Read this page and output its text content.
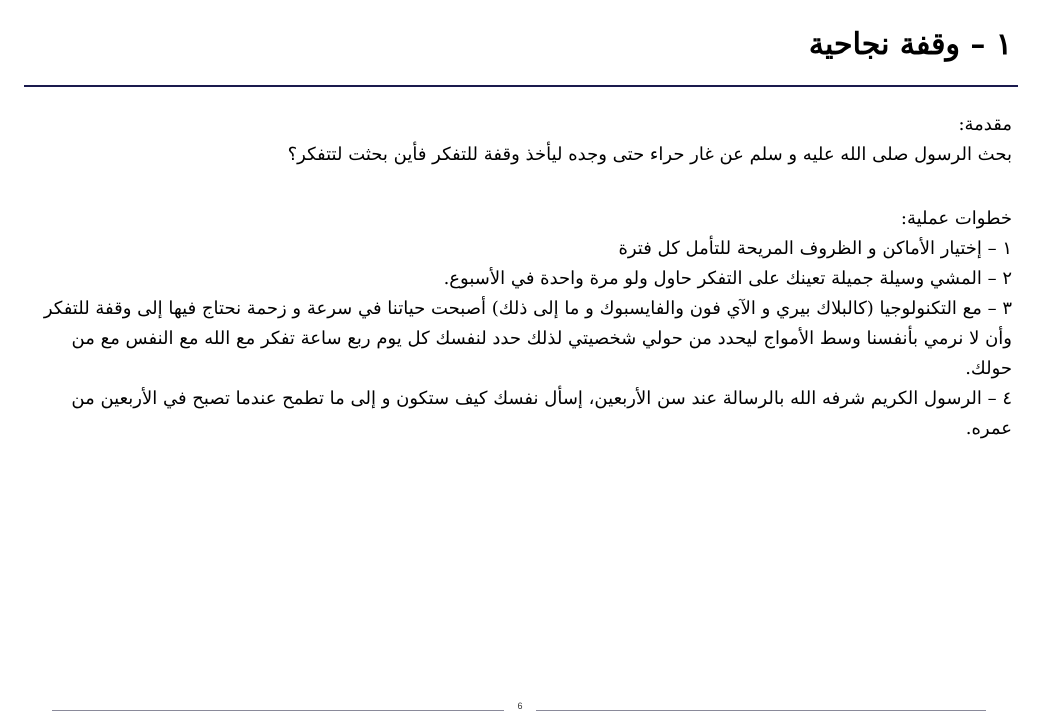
١ – وقفة نجاحية

مقدمة:

بحث الرسول صلى الله عليه و سلم عن غار حراء حتى وجده ليأخذ وقفة للتفكر فأين بحثت لتتفكر؟

خطوات عملية:

١ – إختيار الأماكن و الظروف المريحة للتأمل كل فترة
٢ – المشي وسيلة جميلة تعينك على التفكر حاول ولو مرة واحدة في الأسبوع.
٣ – مع التكنولوجيا (كالبلاك بيري و الآي فون والفايسبوك و ما إلى ذلك) أصبحت حياتنا في سرعة و زحمة نحتاج فيها إلى وقفة للتفكر وأن لا نرمي بأنفسنا وسط الأمواج ليحدد من حولي شخصيتي لذلك حدد لنفسك كل يوم ربع ساعة تفكر مع الله مع النفس مع من حولك.
٤ – الرسول الكريم شرفه الله بالرسالة عند سن الأربعين، إسأل نفسك كيف ستكون و إلى ما تطمح عندما تصبح في الأربعين من عمره.
6
